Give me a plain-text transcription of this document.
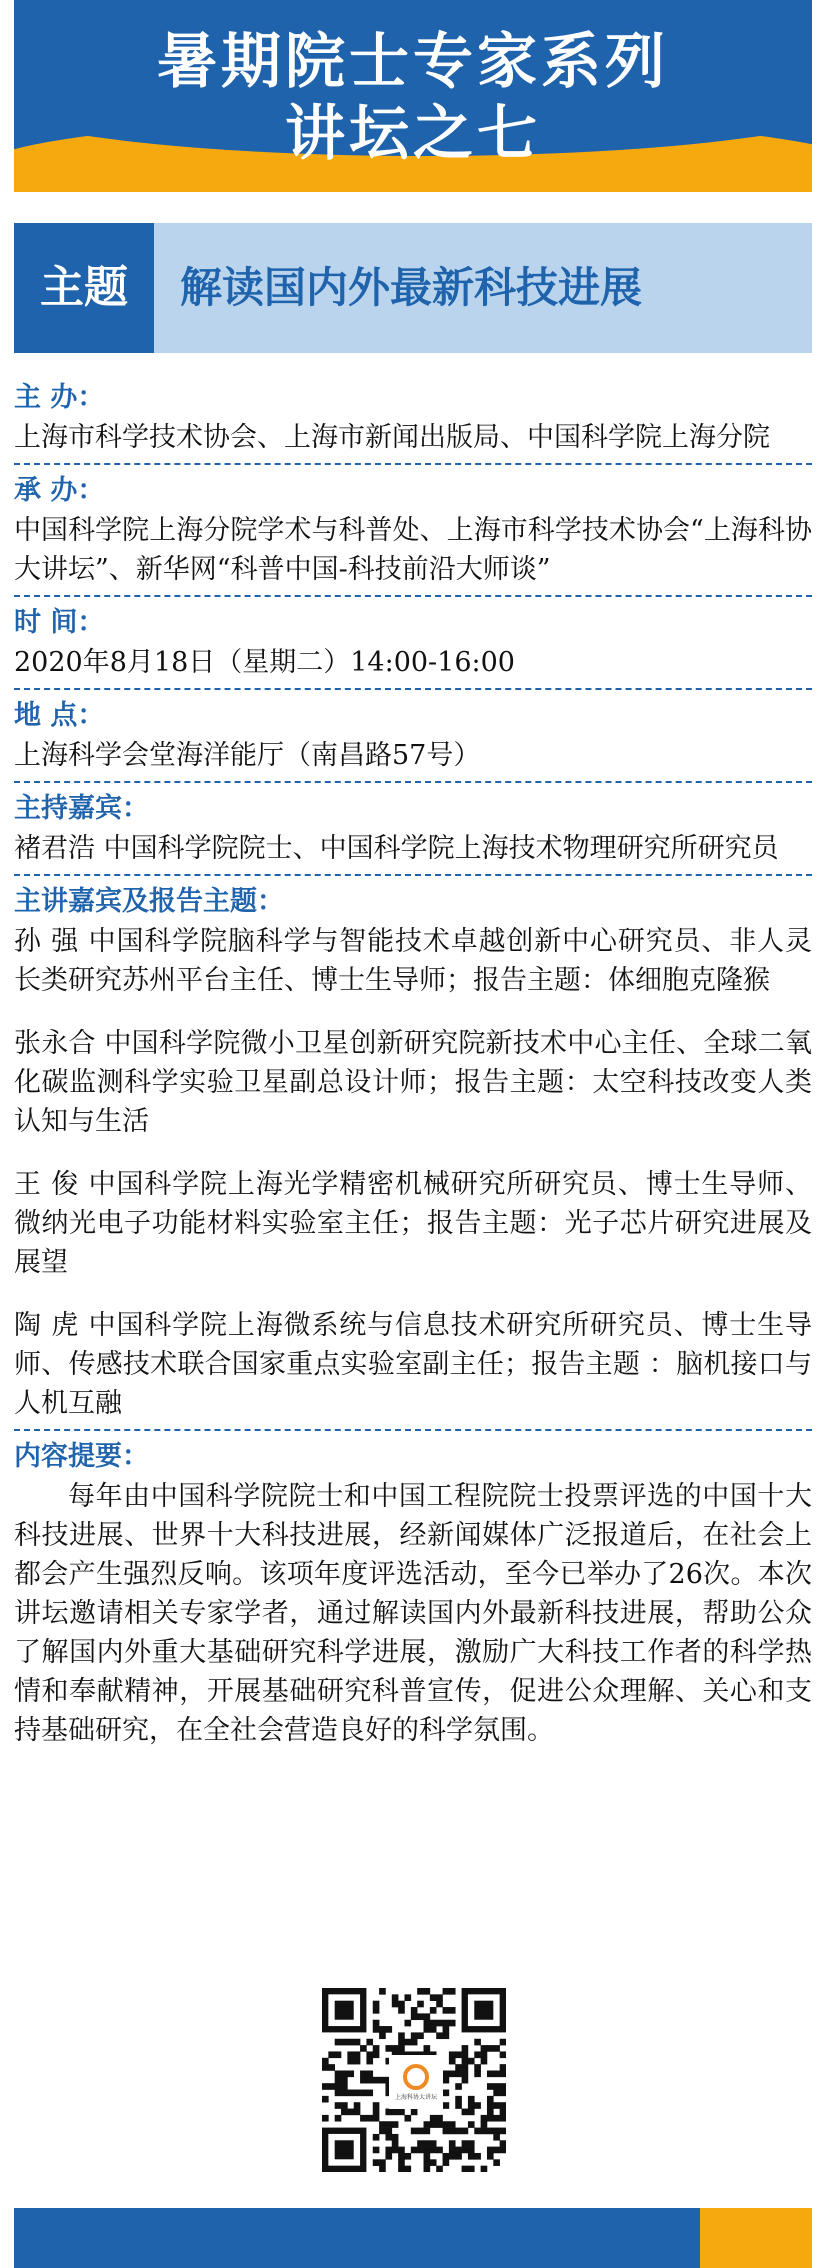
暑期院士专家系列
讲坛之七
主题	解读国内外最新科技进展
主 办：
上海市科学技术协会、上海市新闻出版局、中国科学院上海分院
承 办：
中国科学院上海分院学术与科普处、上海市科学技术协会“上海科协大讲坛”、新华网“科普中国-科技前沿大师谈”
时 间：
2020年8月18日（星期二）14:00-16:00
地 点：
上海科学会堂海洋能厅（南昌路57号）
主持嘉宾：
褚君浩 中国科学院院士、中国科学院上海技术物理研究所研究员
主讲嘉宾及报告主题：
孙 强 中国科学院脑科学与智能技术卓越创新中心研究员、非人灵长类研究苏州平台主任、博士生导师；报告主题：体细胞克隆猴
张永合 中国科学院微小卫星创新研究院新技术中心主任、全球二氧化碳监测科学实验卫星副总设计师；报告主题：太空科技改变人类认知与生活
王 俊 中国科学院上海光学精密机械研究所研究员、博士生导师、微纳光电子功能材料实验室主任；报告主题：光子芯片研究进展及展望
陶 虎 中国科学院上海微系统与信息技术研究所研究员、博士生导师、传感技术联合国家重点实验室副主任；报告主题 ：脑机接口与人机互融
内容提要：
每年由中国科学院院士和中国工程院院士投票评选的中国十大科技进展、世界十大科技进展，经新闻媒体广泛报道后，在社会上都会产生强烈反响。该项年度评选活动，至今已举办了26次。本次讲坛邀请相关专家学者，通过解读国内外最新科技进展，帮助公众了解国内外重大基础研究科学进展，激励广大科技工作者的科学热情和奉献精神，开展基础研究科普宣传，促进公众理解、关心和支持基础研究，在全社会营造良好的科学氛围。
上海科协大讲坛
